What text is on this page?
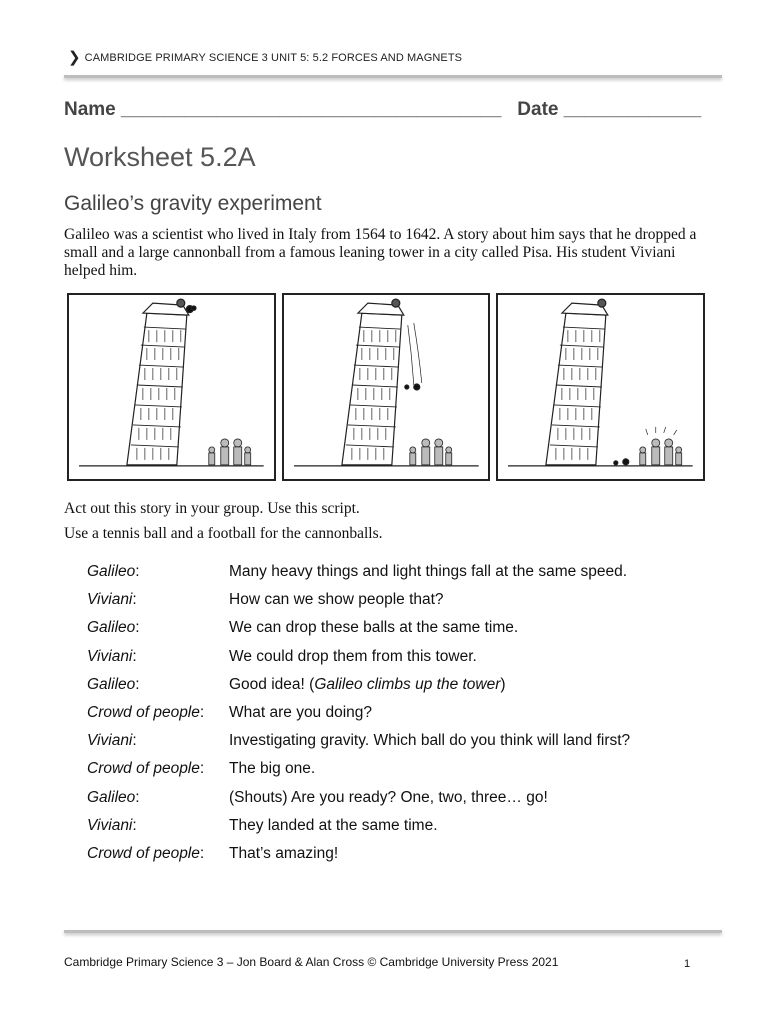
❯ CAMBRIDGE PRIMARY SCIENCE 3 UNIT 5: 5.2 FORCES AND MAGNETS
Name ____________________________________ Date _____________
Worksheet 5.2A
Galileo’s gravity experiment
Galileo was a scientist who lived in Italy from 1564 to 1642. A story about him says that he dropped a small and a large cannonball from a famous leaning tower in a city called Pisa. His student Viviani helped him.
Act out this story in your group. Use this script.
Use a tennis ball and a football for the cannonballs.
Galileo:	Many heavy things and light things fall at the same speed.
Viviani:	How can we show people that?
Galileo:	We can drop these balls at the same time.
Viviani:	We could drop them from this tower.
Galileo:	Good idea! (Galileo climbs up the tower)
Crowd of people:	What are you doing?
Viviani:	Investigating gravity. Which ball do you think will land first?
Crowd of people:	The big one.
Galileo:	(Shouts) Are you ready? One, two, three… go!
Viviani:	They landed at the same time.
Crowd of people:	That’s amazing!
Cambridge Primary Science 3 – Jon Board & Alan Cross © Cambridge University Press 2021	1
